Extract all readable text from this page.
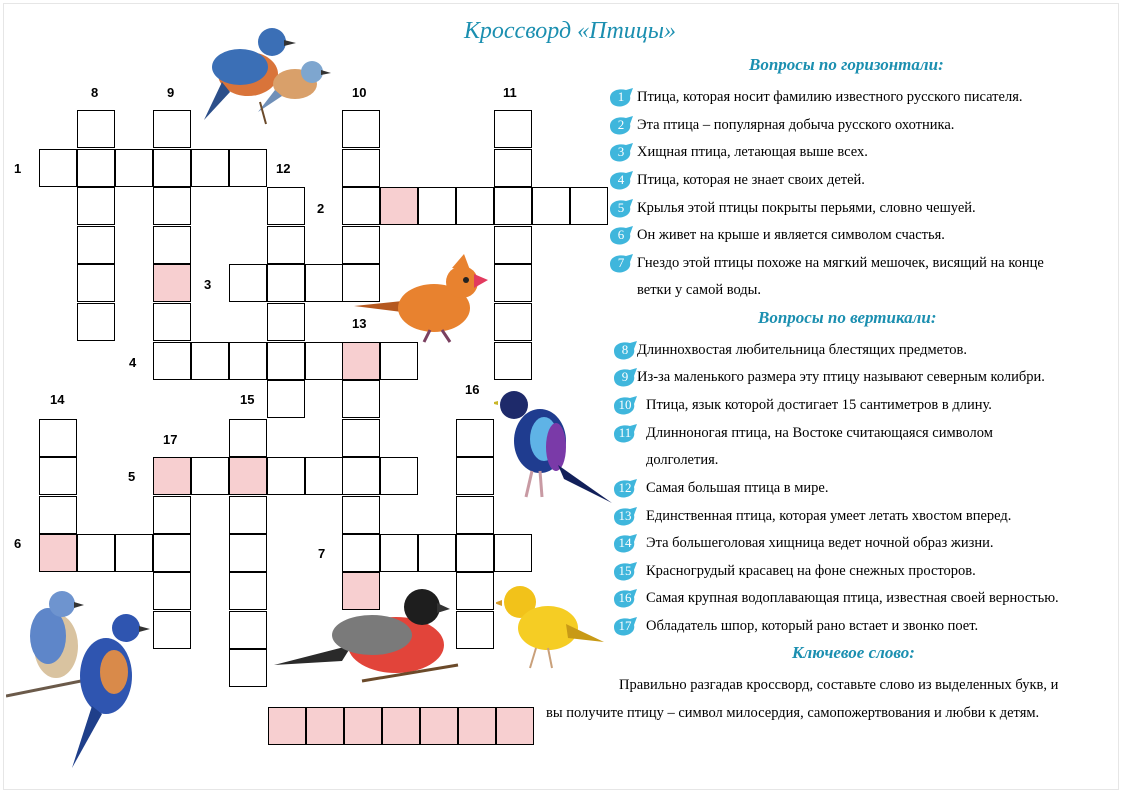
Кроссворд «Птицы»
Вопросы по горизонтали:
Вопросы по вертикали:
Ключевое слово:
1
2
3
4
5
6
7
8	9	10	11
12
13
14	15
16
17
1 Птица, которая носит фамилию известного русского писателя.
2 Эта птица – популярная добыча русского охотника.
3 Хищная птица, летающая выше всех.
4 Птица, которая не знает своих детей.
5 Крылья этой птицы покрыты перьями, словно чешуей.
6 Он живет на крыше и является символом счастья.
7 Гнездо этой птицы похоже на мягкий мешочек, висящий на конце
ветки у самой воды.
8 Длиннохвостая любительница блестящих предметов.
9 Из-за маленького размера эту птицу называют северным колибри.
10	Птица, язык которой достигает 15 сантиметров в длину.
11	Длинноногая птица, на Востоке считающаяся символом
долголетия.
12	Самая большая птица в мире.
13	Единственная птица, которая умеет летать хвостом вперед.
14	Эта большеголовая хищница ведет ночной образ жизни.
15	Красногрудый красавец на фоне снежных просторов.
16	Самая крупная водоплавающая птица, известная своей верностью.
17	Обладатель шпор, который рано встает и звонко поет.
Правильно разгадав кроссворд, составьте слово из выделенных букв, и
вы получите птицу – символ милосердия, самопожертвования и любви к детям.
